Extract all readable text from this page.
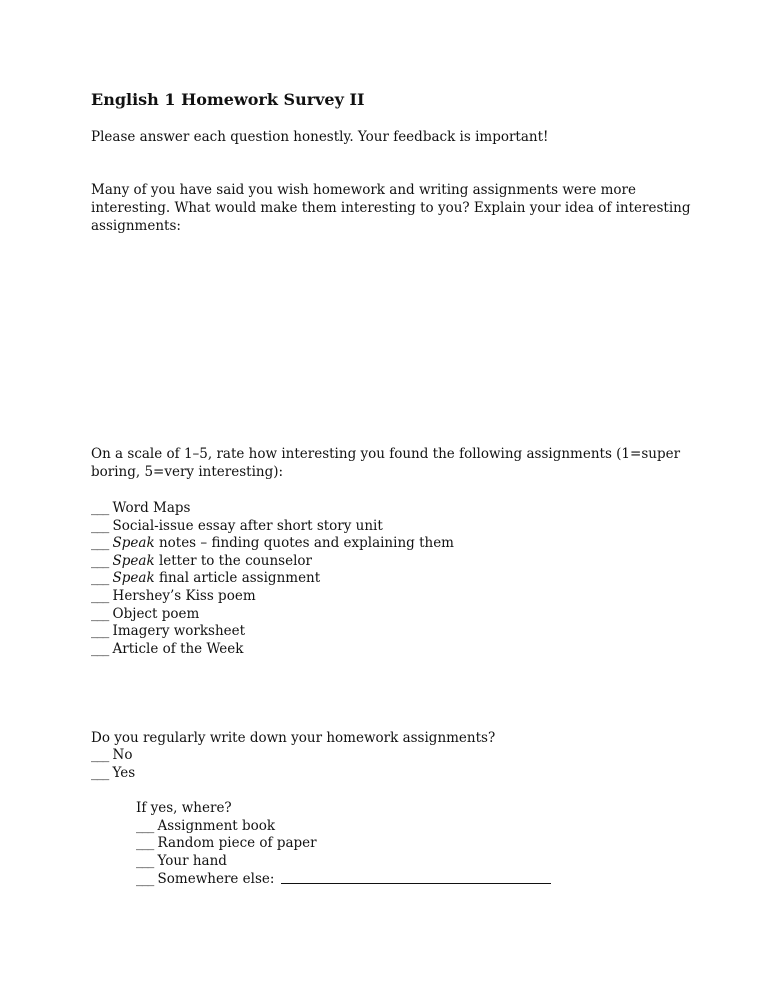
English 1 Homework Survey II
Please answer each question honestly. Your feedback is important!
Many of you have said you wish homework and writing assignments were more
interesting. What would make them interesting to you? Explain your idea of interesting
assignments:
On a scale of 1–5, rate how interesting you found the following assignments (1=super
boring, 5=very interesting):
___ Word Maps
___ Social-issue essay after short story unit
___ Speak notes – finding quotes and explaining them
___ Speak letter to the counselor
___ Speak final article assignment
___ Hershey’s Kiss poem
___ Object poem
___ Imagery worksheet
___ Article of the Week
Do you regularly write down your homework assignments?
___ No
___ Yes
If yes, where?
___ Assignment book
___ Random piece of paper
___ Your hand
___ Somewhere else:
